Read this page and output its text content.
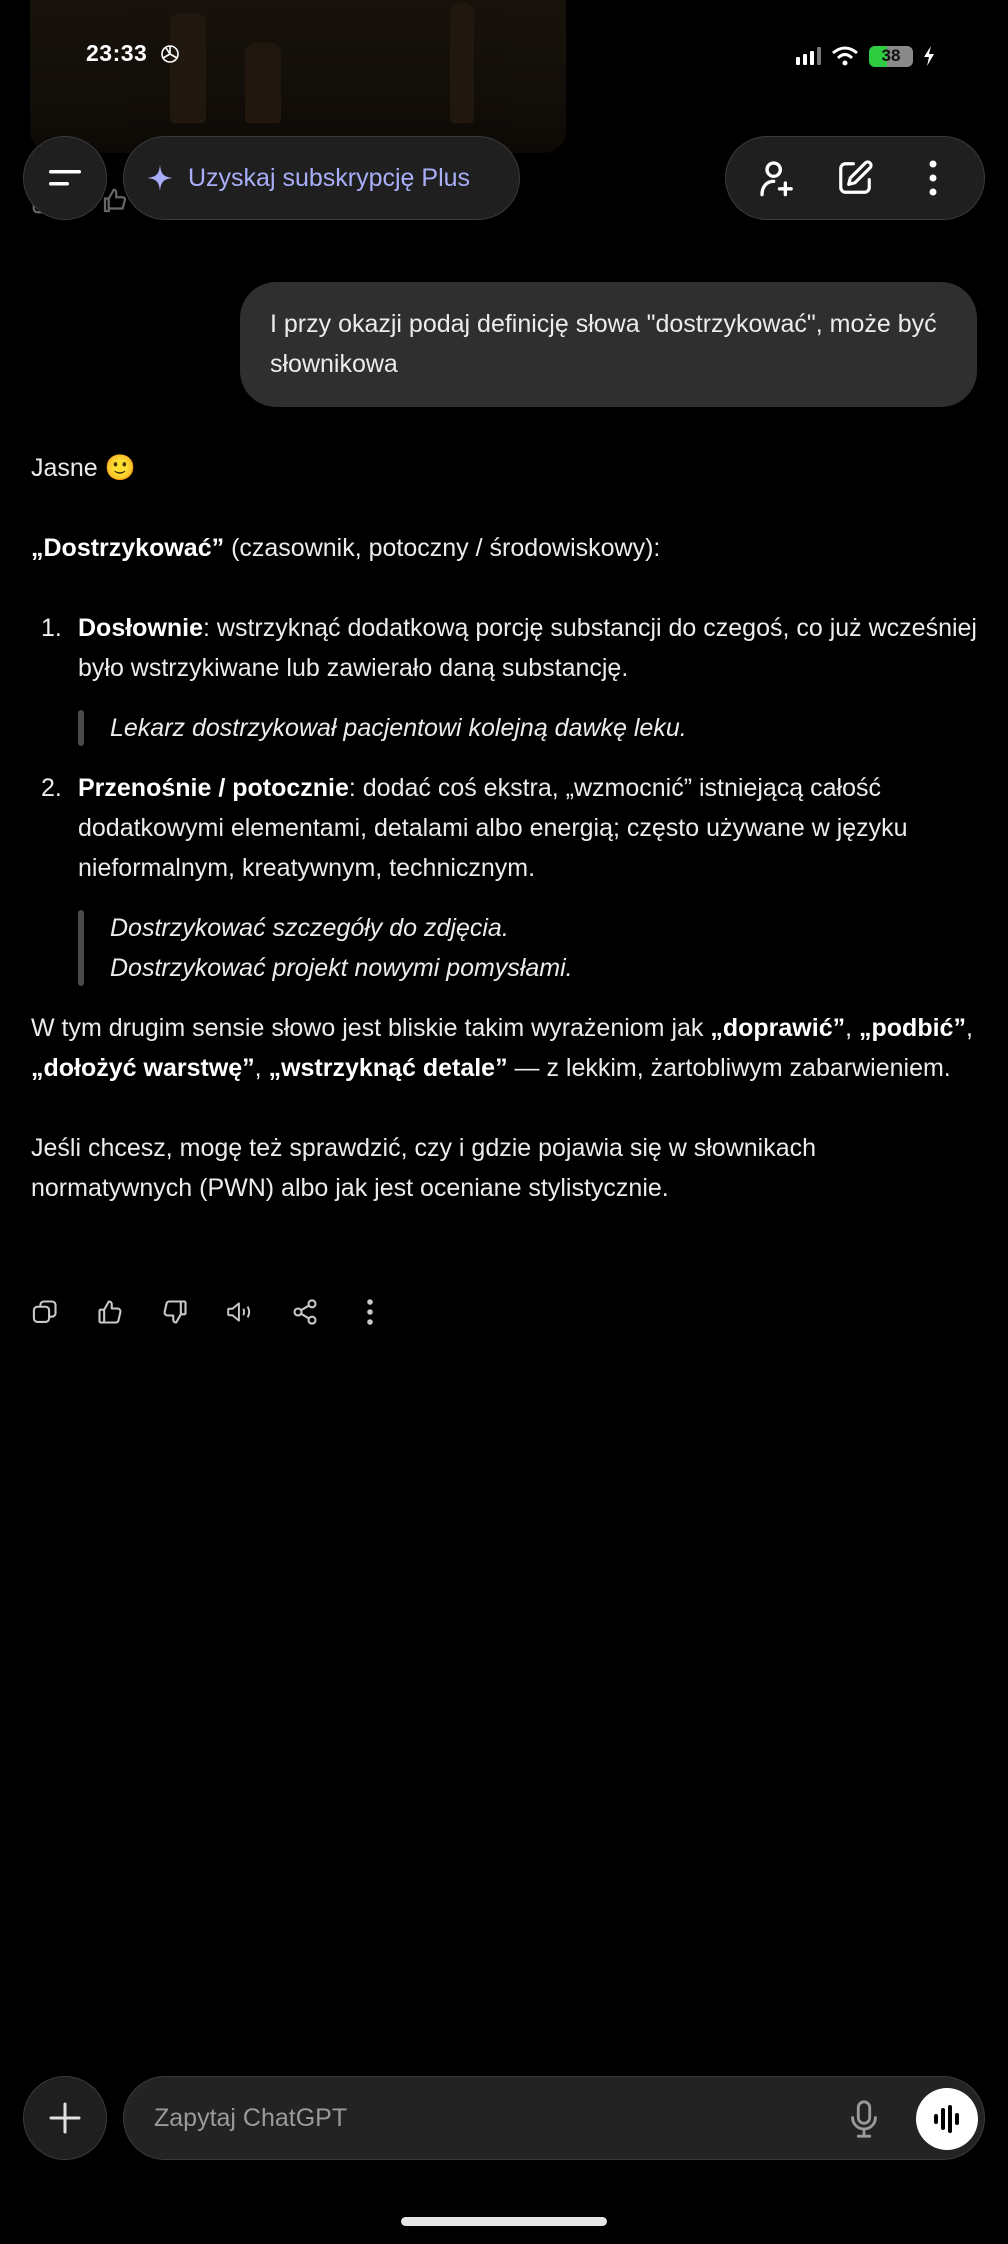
23:33	38
Uzyskaj subskrypcję Plus
I przy okazji podaj definicję słowa "dostrzykować", może być słownikowa

Jasne 🙂

„Dostrzykować” (czasownik, potoczny / środowiskowy):

1. Dosłownie: wstrzyknąć dodatkową porcję substancji do czegoś, co już wcześniej było wstrzykiwane lub zawierało daną substancję.

Lekarz dostrzykował pacjentowi kolejną dawkę leku.

2. Przenośnie / potocznie: dodać coś ekstra, „wzmocnić” istniejącą całość dodatkowymi elementami, detalami albo energią; często używane w języku nieformalnym, kreatywnym, technicznym.

Dostrzykować szczegóły do zdjęcia.

Dostrzykować projekt nowymi pomysłami.

W tym drugim sensie słowo jest bliskie takim wyrażeniom jak „doprawić”, „podbić”, „dołożyć warstwę”, „wstrzyknąć detale” — z lekkim, żartobliwym zabarwieniem.

Jeśli chcesz, mogę też sprawdzić, czy i gdzie pojawia się w słownikach normatywnych (PWN) albo jak jest oceniane stylistycznie.

Zapytaj ChatGPT
